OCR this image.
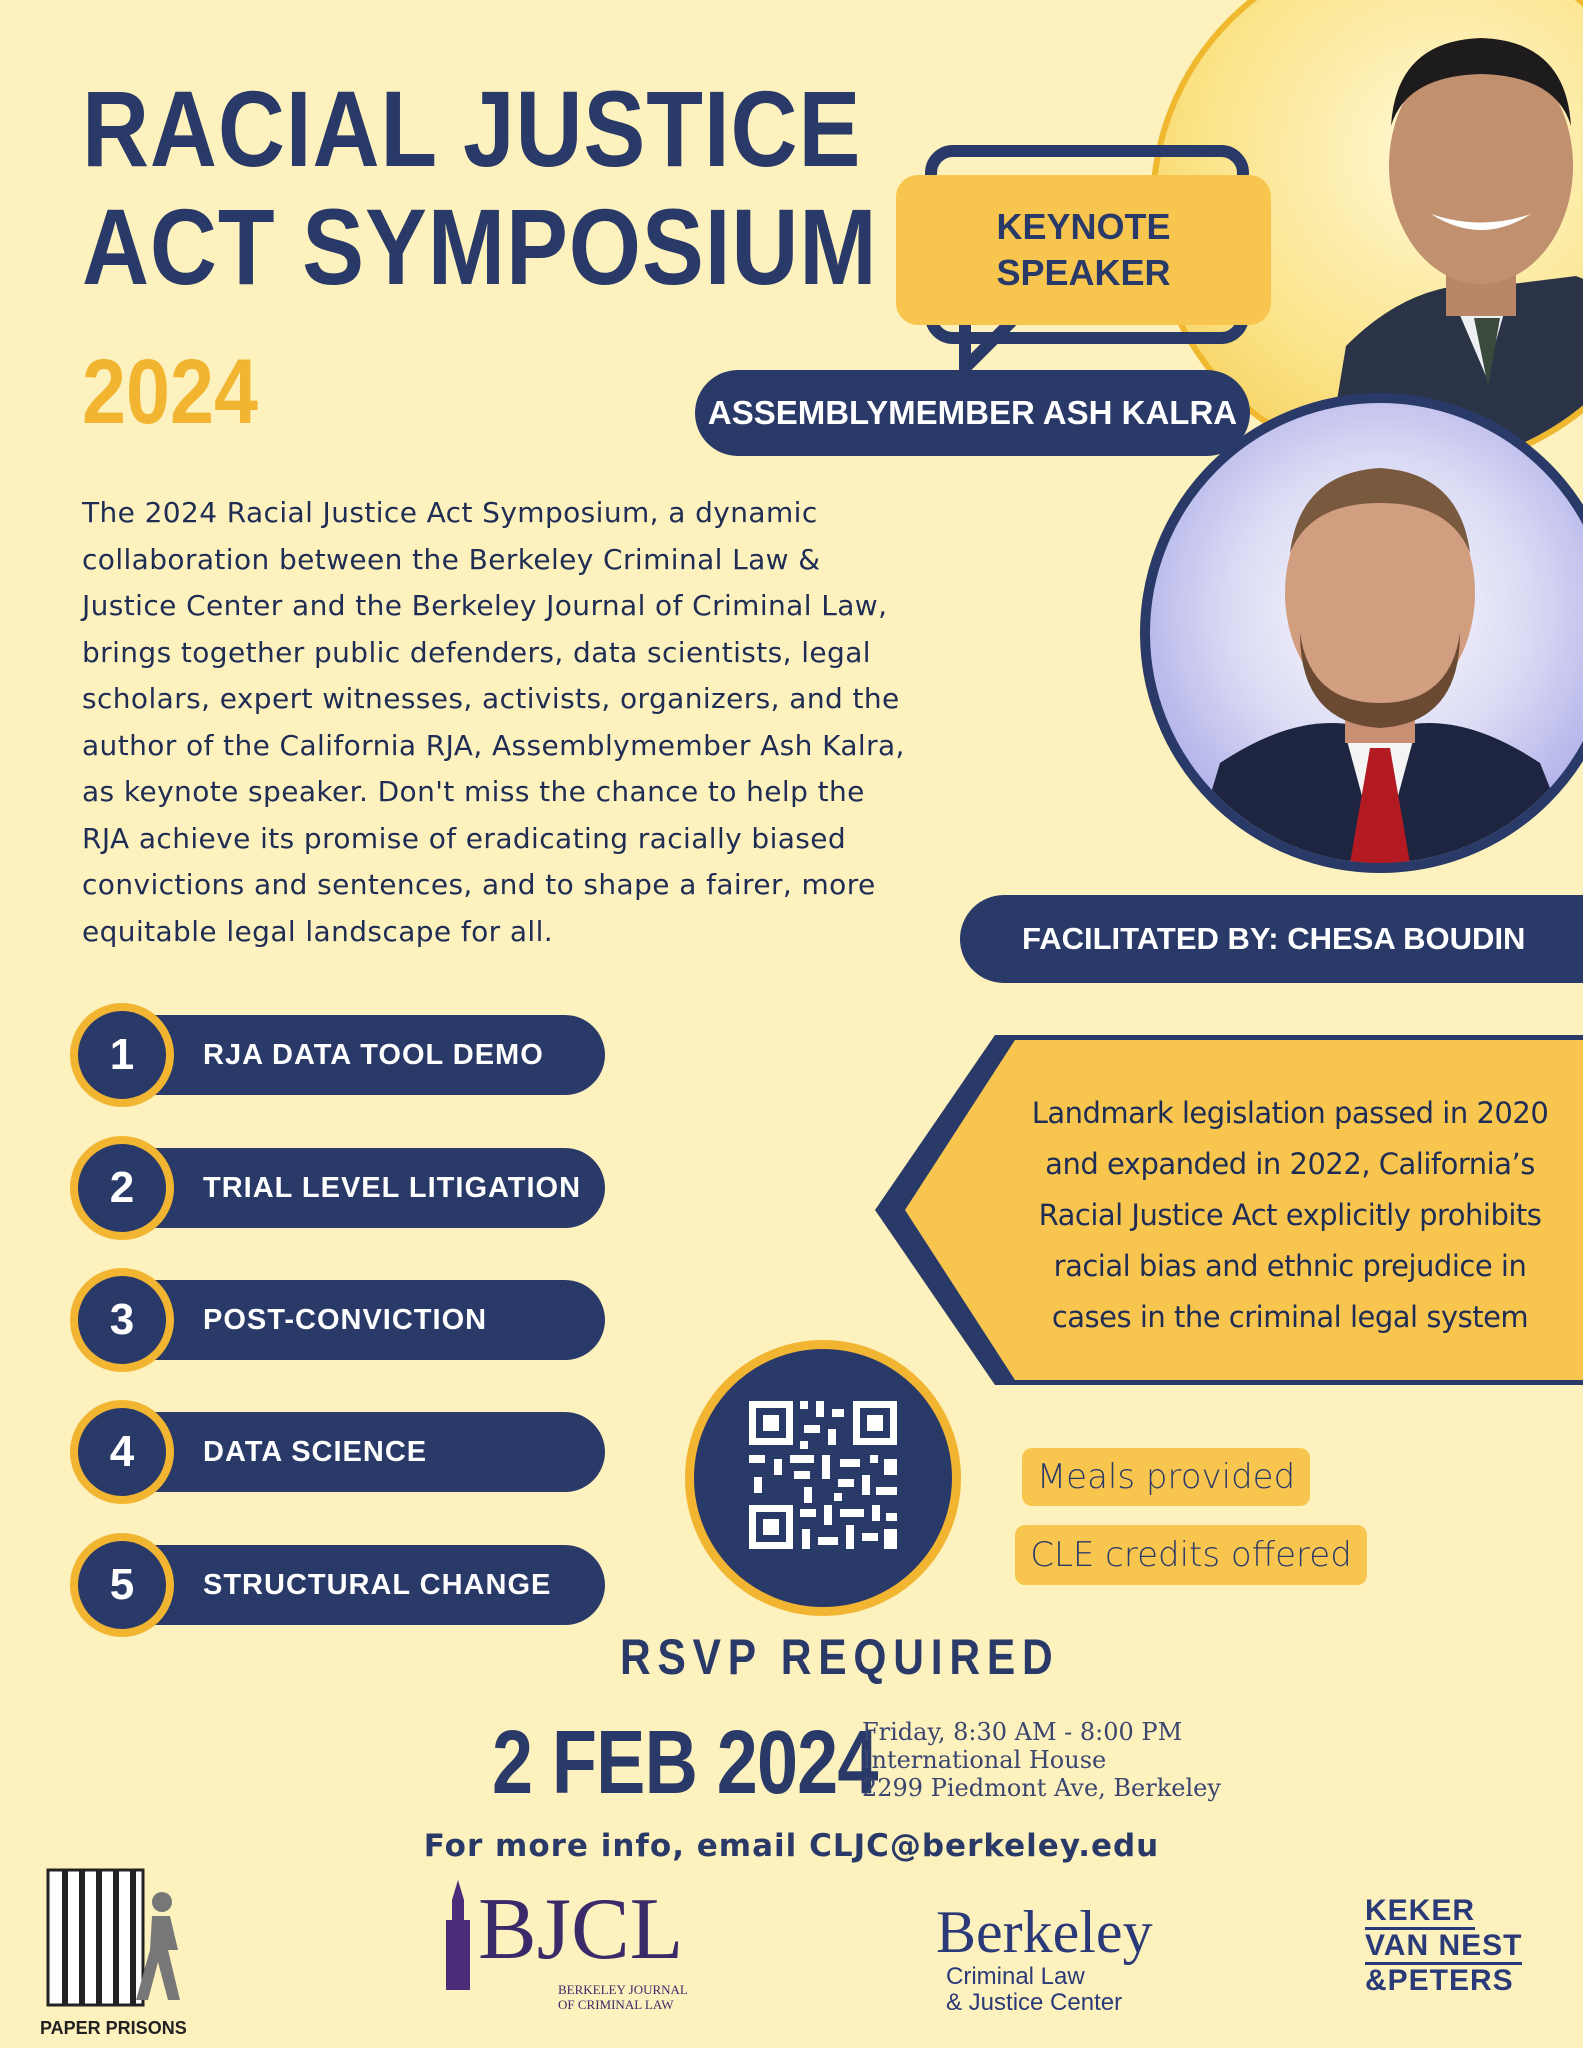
RACIAL JUSTICE
ACT SYMPOSIUM
2024
KEYNOTE
SPEAKER
ASSEMBLYMEMBER ASH KALRA
FACILITATED BY: CHESA BOUDIN
The 2024 Racial Justice Act Symposium, a dynamic
collaboration between the Berkeley Criminal Law &
Justice Center and the Berkeley Journal of Criminal Law,
brings together public defenders, data scientists, legal
scholars, expert witnesses, activists, organizers, and the
author of the California RJA, Assemblymember Ash Kalra,
as keynote speaker. Don't miss the chance to help the
RJA achieve its promise of eradicating racially biased
convictions and sentences, and to shape a fairer, more
equitable legal landscape for all.
1	RJA DATA TOOL DEMO
2	TRIAL LEVEL LITIGATION
3	POST-CONVICTION
4	DATA SCIENCE
5	STRUCTURAL CHANGE
Landmark legislation passed in 2020
and expanded in 2022, California’s
Racial Justice Act explicitly prohibits
racial bias and ethnic prejudice in
cases in the criminal legal system
Meals provided
CLE credits offered
RSVP REQUIRED
2 FEB 2024
Friday, 8:30 AM - 8:00 PM
International House
2299 Piedmont Ave, Berkeley
For more info, email CLJC@berkeley.edu
PAPER PRISONS
BJCL
BERKELEY JOURNAL
OF CRIMINAL LAW
Berkeley
Criminal Law
& Justice Center
KEKER VAN NEST
&PETERS
